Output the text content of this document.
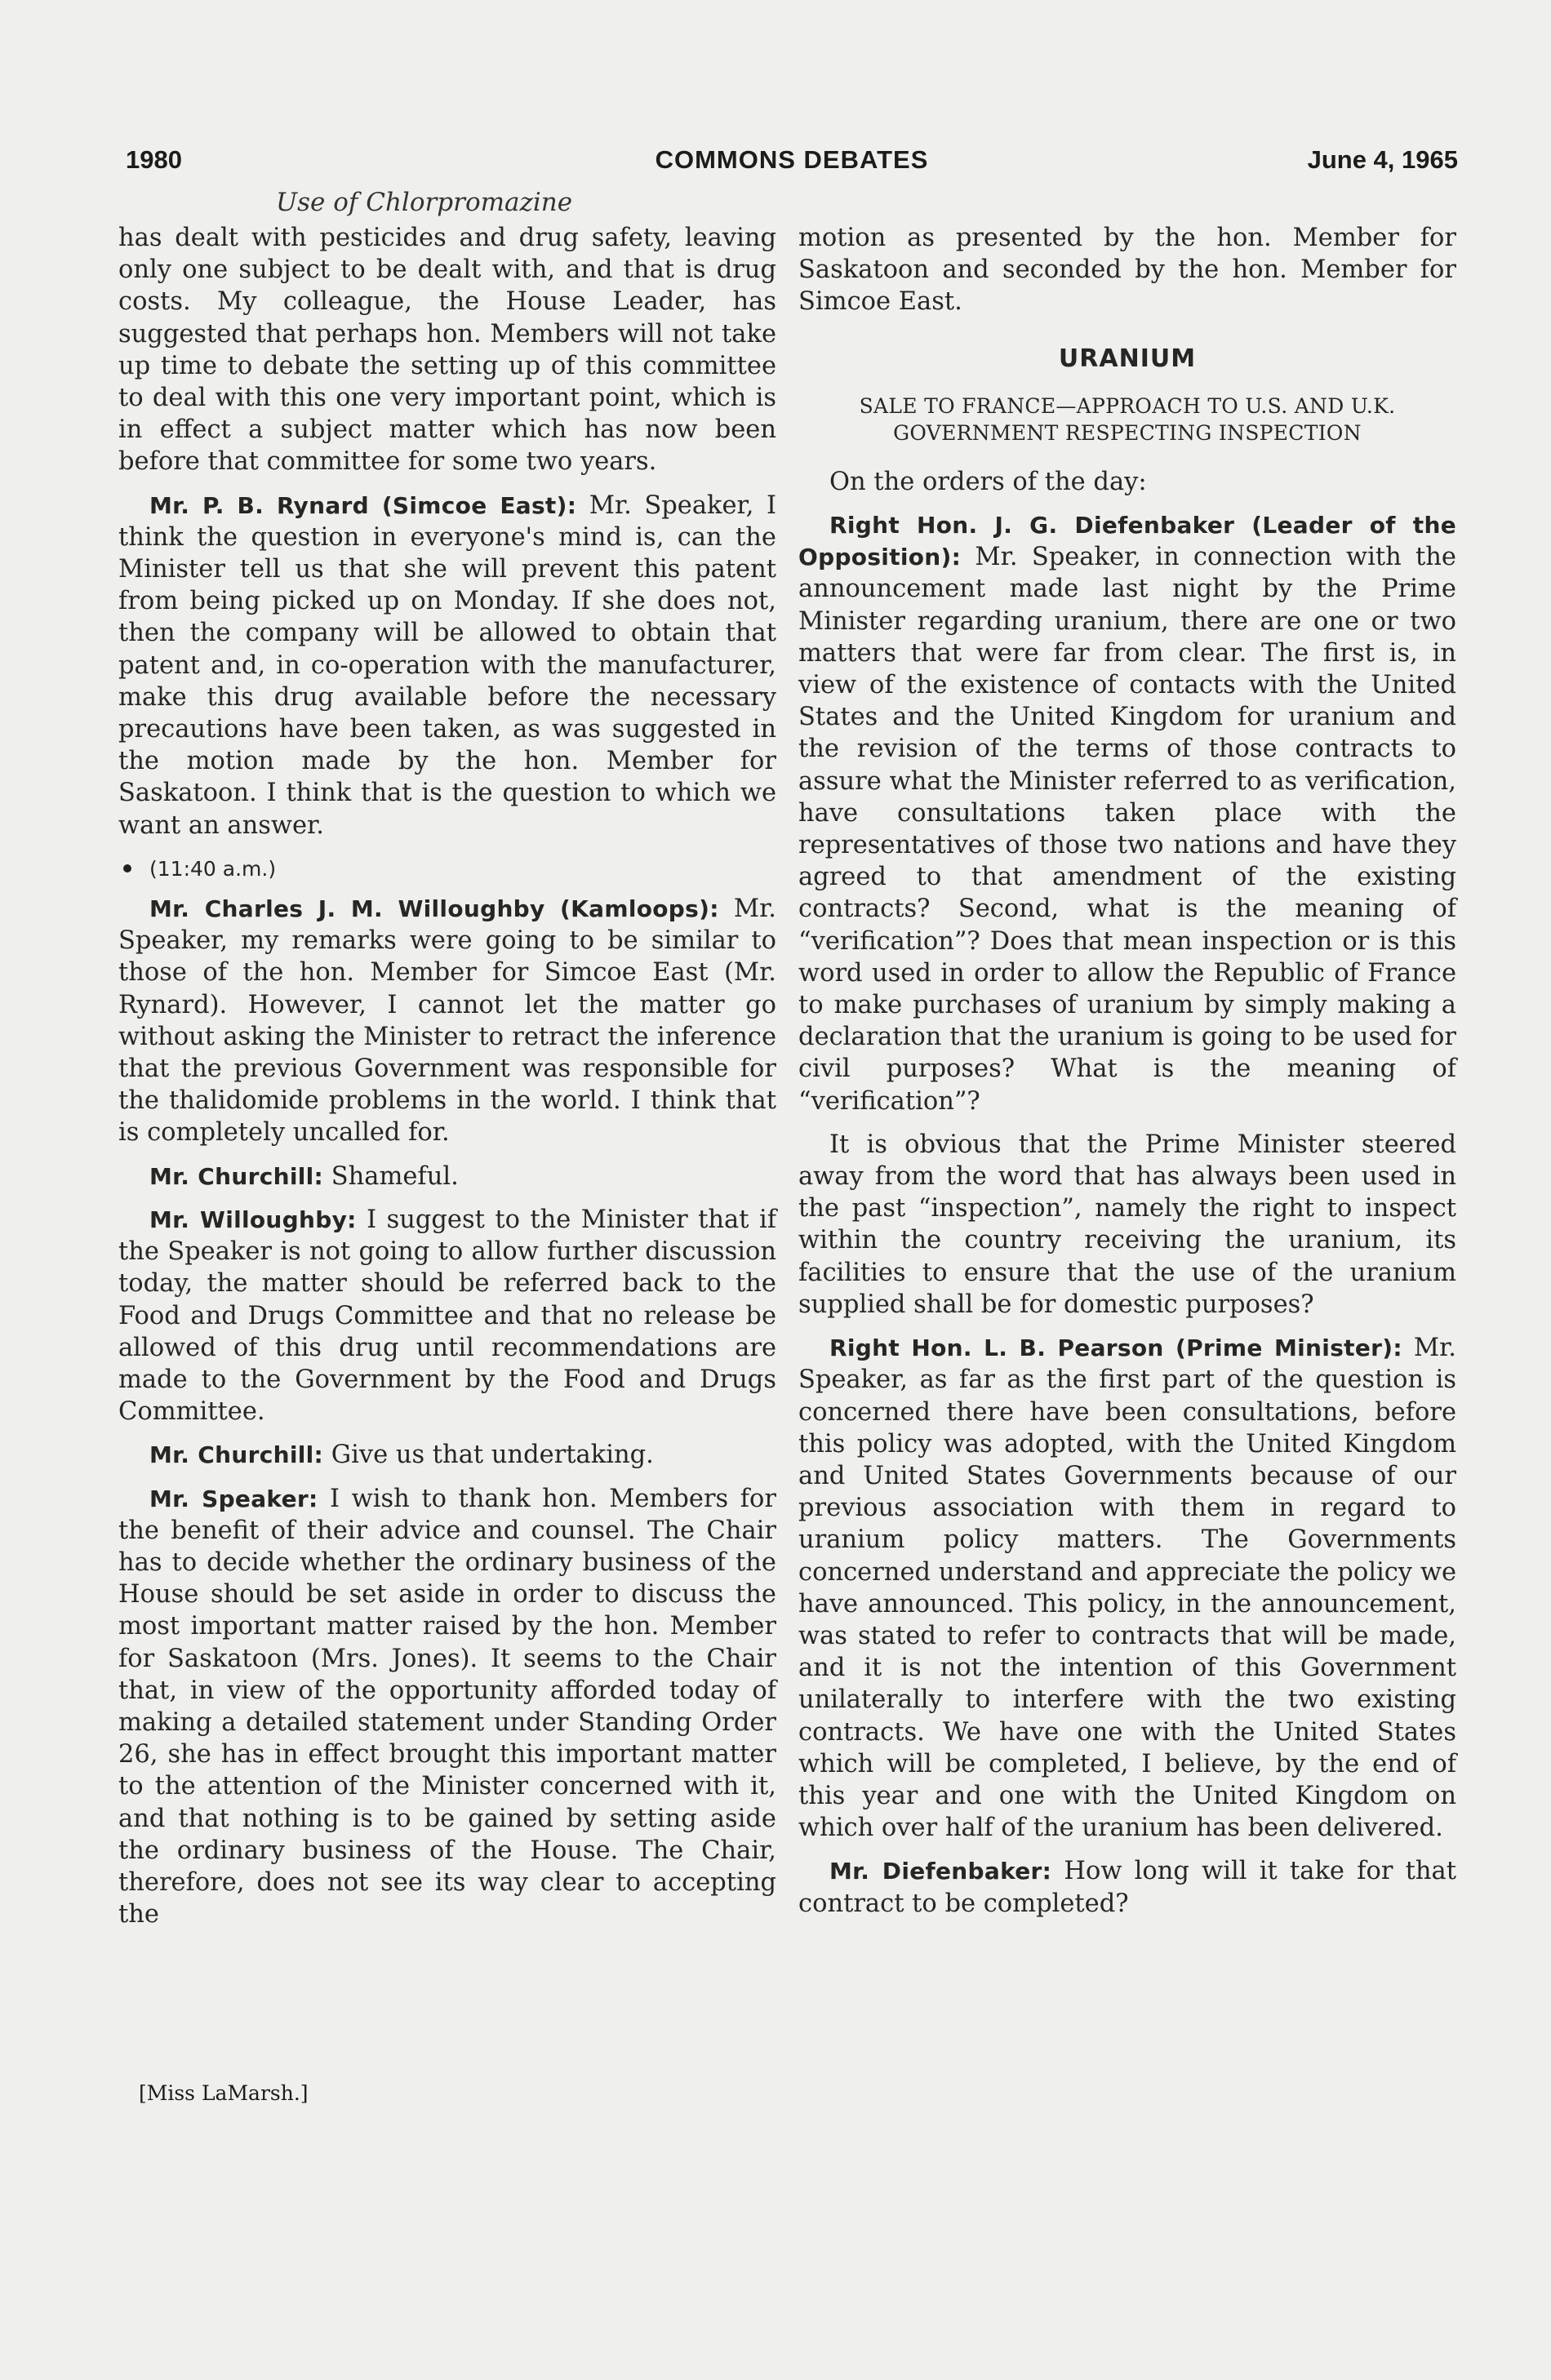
1980	COMMONS DEBATES	June 4, 1965
Use of Chlorpromazine

has dealt with pesticides and drug safety, leaving only one subject to be dealt with, and that is drug costs. My colleague, the House Leader, has suggested that perhaps hon. Members will not take up time to debate the setting up of this committee to deal with this one very important point, which is in effect a subject matter which has now been before that committee for some two years.

Mr. P. B. Rynard (Simcoe East): Mr. Speaker, I think the question in everyone's mind is, can the Minister tell us that she will prevent this patent from being picked up on Monday. If she does not, then the company will be allowed to obtain that patent and, in co-operation with the manufacturer, make this drug available before the necessary precautions have been taken, as was suggested in the motion made by the hon. Member for Saskatoon. I think that is the question to which we want an answer.

(11:40 a.m.)

Mr. Charles J. M. Willoughby (Kamloops): Mr. Speaker, my remarks were going to be similar to those of the hon. Member for Simcoe East (Mr. Rynard). However, I cannot let the matter go without asking the Minister to retract the inference that the previous Government was responsible for the thalidomide problems in the world. I think that is completely uncalled for.

Mr. Churchill: Shameful.

Mr. Willoughby: I suggest to the Minister that if the Speaker is not going to allow further discussion today, the matter should be referred back to the Food and Drugs Committee and that no release be allowed of this drug until recommendations are made to the Government by the Food and Drugs Committee.

Mr. Churchill: Give us that undertaking.

Mr. Speaker: I wish to thank hon. Members for the benefit of their advice and counsel. The Chair has to decide whether the ordinary business of the House should be set aside in order to discuss the most important matter raised by the hon. Member for Saskatoon (Mrs. Jones). It seems to the Chair that, in view of the opportunity afforded today of making a detailed statement under Standing Order 26, she has in effect brought this important matter to the attention of the Minister concerned with it, and that nothing is to be gained by setting aside the ordinary business of the House. The Chair, therefore, does not see its way clear to accepting the

motion as presented by the hon. Member for Saskatoon and seconded by the hon. Member for Simcoe East.

URANIUM
SALE TO FRANCE—APPROACH TO U.S. AND U.K. GOVERNMENT RESPECTING INSPECTION

On the orders of the day:

Right Hon. J. G. Diefenbaker (Leader of the Opposition): Mr. Speaker, in connection with the announcement made last night by the Prime Minister regarding uranium, there are one or two matters that were far from clear. The first is, in view of the existence of contacts with the United States and the United Kingdom for uranium and the revision of the terms of those contracts to assure what the Minister referred to as verification, have consultations taken place with the representatives of those two nations and have they agreed to that amendment of the existing contracts? Second, what is the meaning of “verification”? Does that mean inspection or is this word used in order to allow the Republic of France to make purchases of uranium by simply making a declaration that the uranium is going to be used for civil purposes? What is the meaning of “verification”?

It is obvious that the Prime Minister steered away from the word that has always been used in the past “inspection”, namely the right to inspect within the country receiving the uranium, its facilities to ensure that the use of the uranium supplied shall be for domestic purposes?

Right Hon. L. B. Pearson (Prime Minister): Mr. Speaker, as far as the first part of the question is concerned there have been consultations, before this policy was adopted, with the United Kingdom and United States Governments because of our previous association with them in regard to uranium policy matters. The Governments concerned understand and appreciate the policy we have announced. This policy, in the announcement, was stated to refer to contracts that will be made, and it is not the intention of this Government unilaterally to interfere with the two existing contracts. We have one with the United States which will be completed, I believe, by the end of this year and one with the United Kingdom on which over half of the uranium has been delivered.

Mr. Diefenbaker: How long will it take for that contract to be completed?

[Miss LaMarsh.]
